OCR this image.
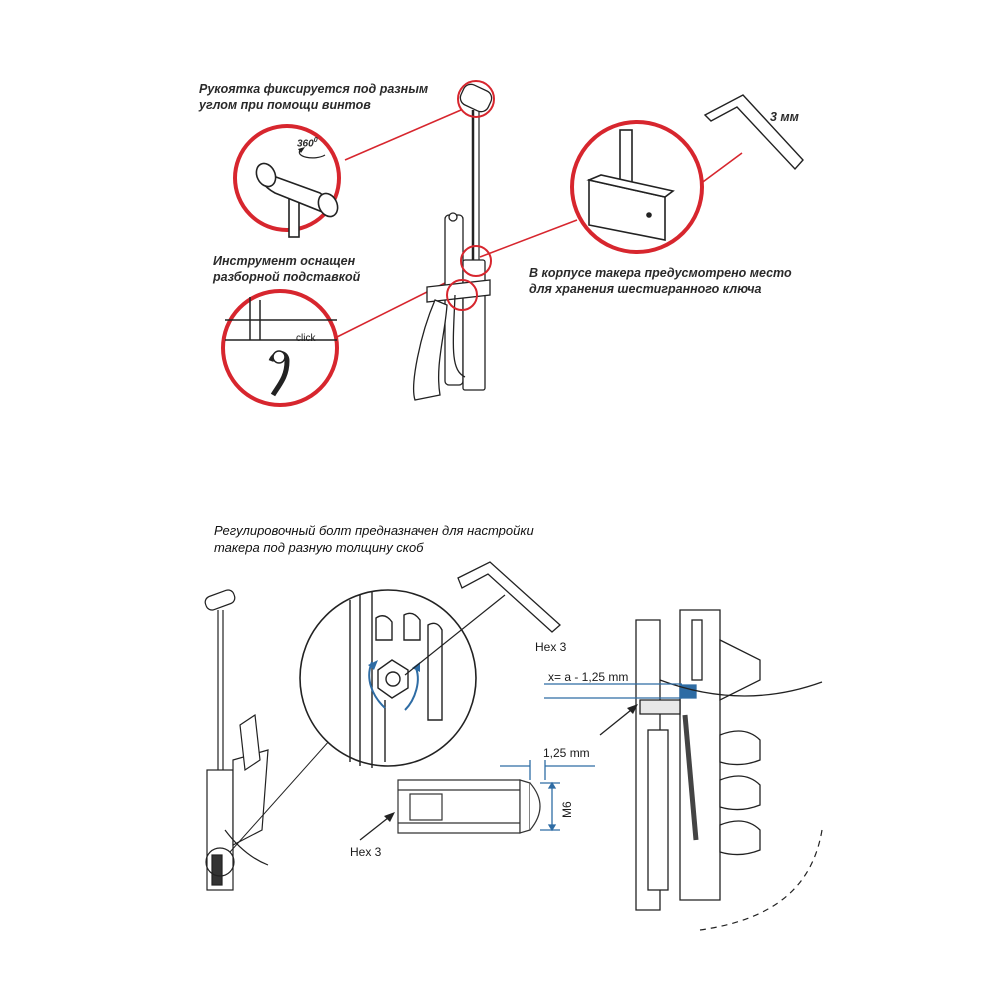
Рукоятка фиксируется под разным
углом при помощи винтов
$360^0$
Инструмент оснащен
разборной подставкой
click
3 мм
В корпусе такера предусмотрено место
для хранения шестигранного ключа
Регулировочный болт предназначен для настройки
такера под разную толщину скоб
Hex 3
Hex 3
x= a - 1,25 mm
1,25 mm
M6
